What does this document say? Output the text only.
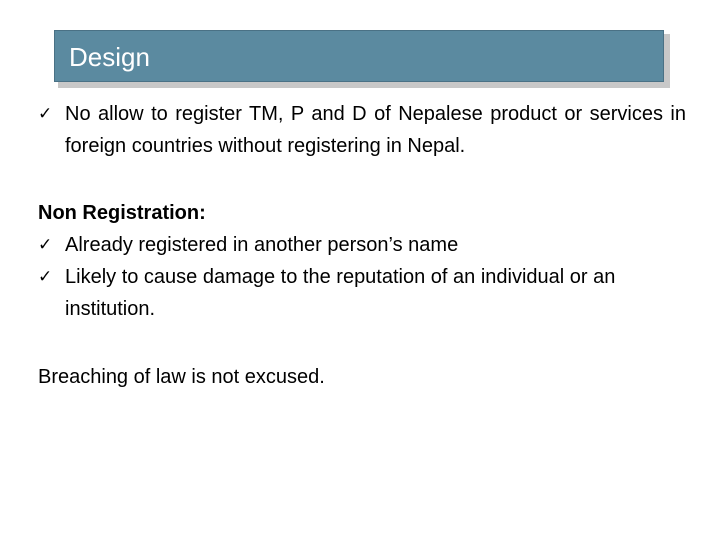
Design
✓ No allow to register TM, P and D of Nepalese product or services in foreign countries without registering in Nepal.
Non Registration:
✓ Already registered in another person’s name
✓ Likely to cause damage to the reputation of an individual or an institution.
Breaching of law is not excused.
